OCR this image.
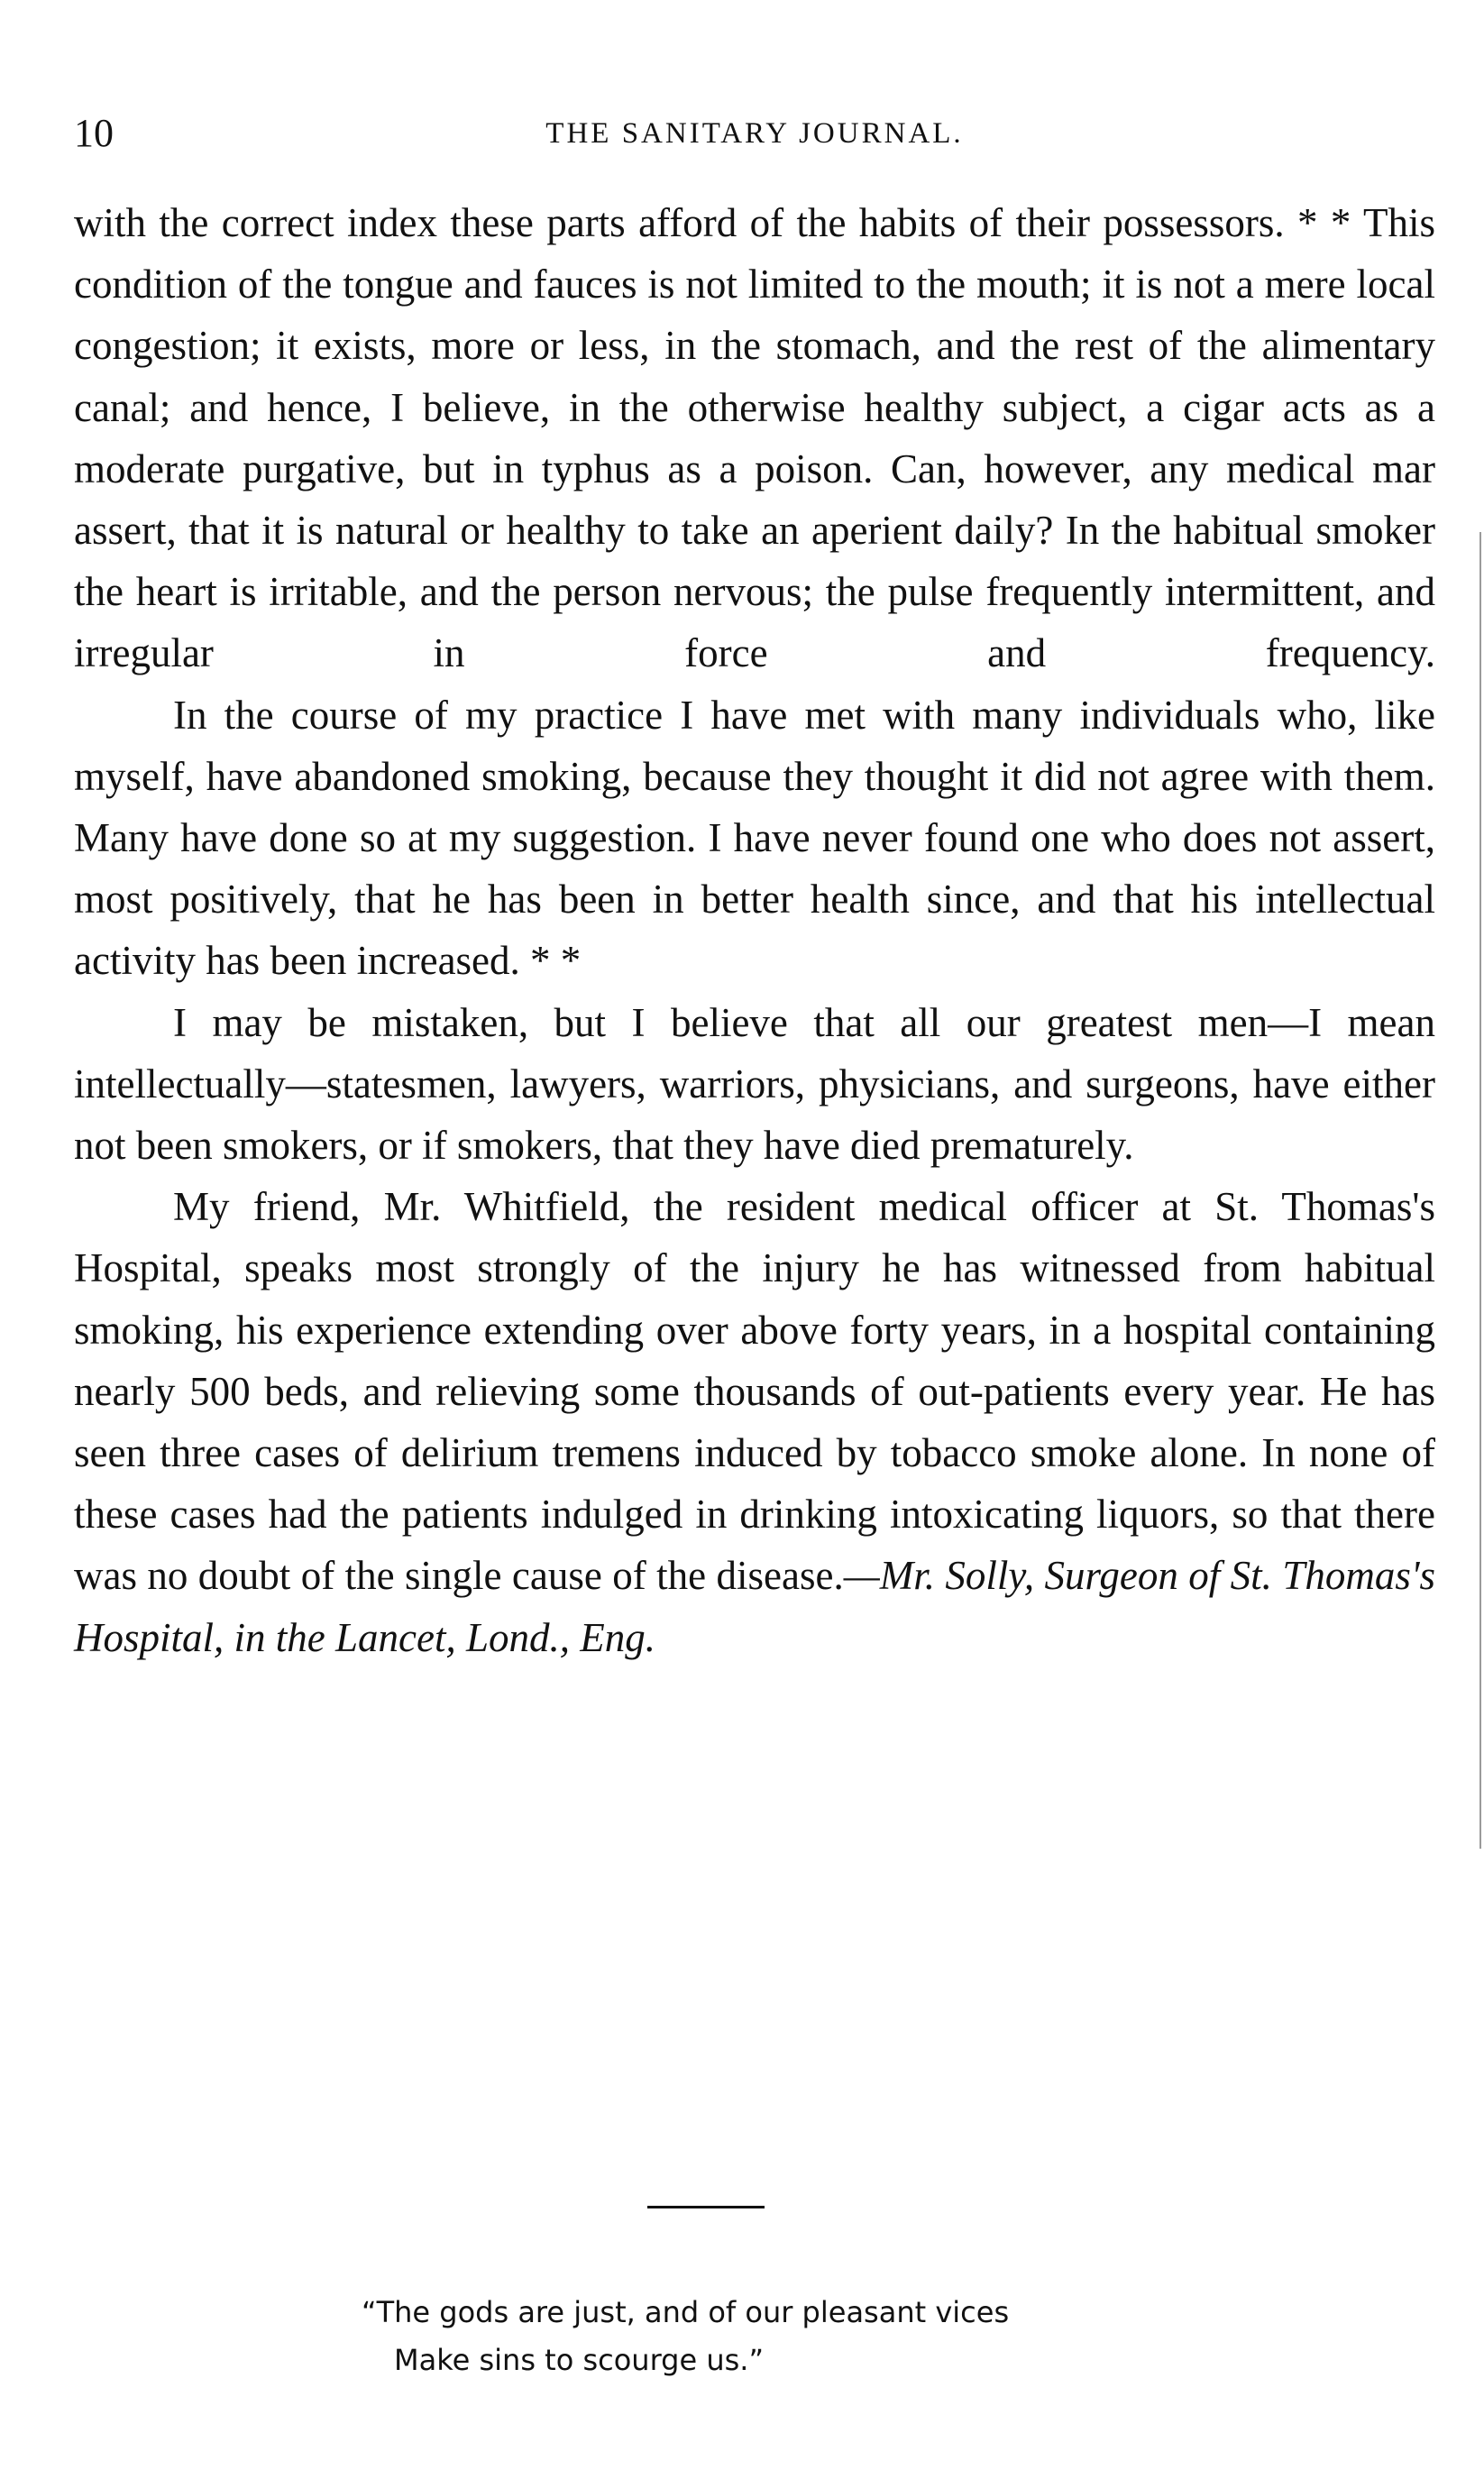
10	THE SANITARY JOURNAL.

with the correct index these parts afford of the habits of their possessors. * * This condition of the tongue and fauces is not limited to the mouth; it is not a mere local congestion; it exists, more or less, in the stomach, and the rest of the alimentary canal; and hence, I believe, in the otherwise healthy subject, a cigar acts as a moderate purgative, but in typhus as a poison. Can, however, any medical mar assert, that it is natural or healthy to take an aperient daily? In the habitual smoker the heart is irritable, and the person nervous; the pulse frequently intermittent, and irregular in force and frequency.

In the course of my practice I have met with many individuals who, like myself, have abandoned smoking, because they thought it did not agree with them. Many have done so at my suggestion. I have never found one who does not assert, most positively, that he has been in better health since, and that his intellectual activity has been increased. * *

I may be mistaken, but I believe that all our greatest men—I mean intellectually—statesmen, lawyers, warriors, physicians, and surgeons, have either not been smokers, or if smokers, that they have died prematurely.

My friend, Mr. Whitfield, the resident medical officer at St. Thomas's Hospital, speaks most strongly of the injury he has witnessed from habitual smoking, his experience extending over above forty years, in a hospital containing nearly 500 beds, and relieving some thousands of out-patients every year. He has seen three cases of delirium tremens induced by tobacco smoke alone. In none of these cases had the patients indulged in drinking intoxicating liquors, so that there was no doubt of the single cause of the disease.—Mr. Solly, Surgeon of St. Thomas's Hospital, in the Lancet, Lond., Eng.

“The gods are just, and of our pleasant vices
Make sins to scourge us.”
